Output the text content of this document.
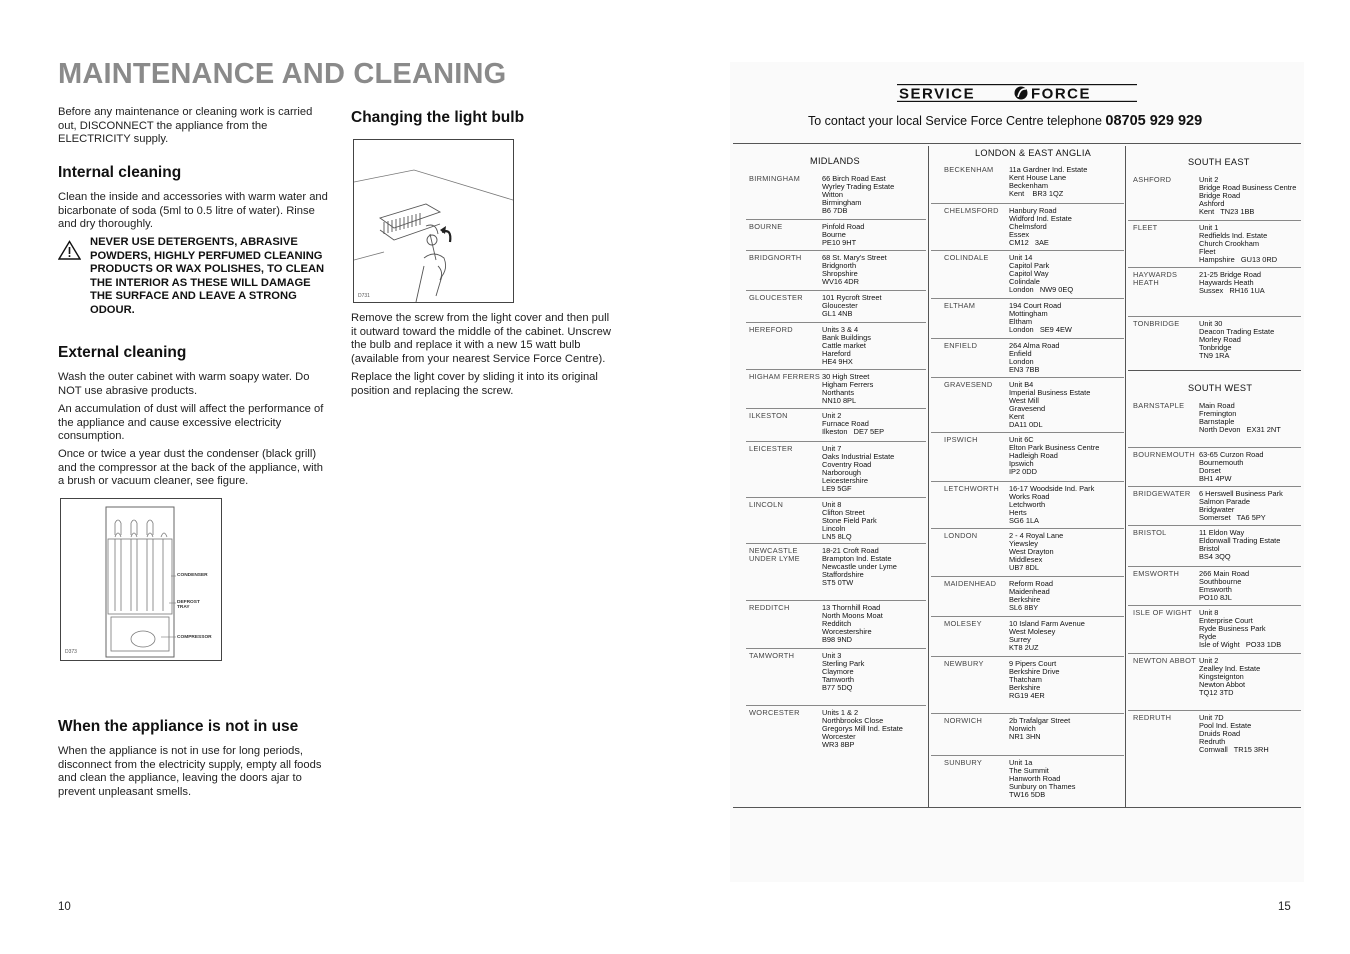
MAINTENANCE AND CLEANING
Before any maintenance or cleaning work is carried out, DISCONNECT the appliance from the ELECTRICITY supply.
Internal cleaning
Clean the inside and accessories with warm water and bicarbonate of soda (5ml to 0.5 litre of water). Rinse and dry thoroughly.
NEVER USE DETERGENTS, ABRASIVE POWDERS, HIGHLY PERFUMED CLEANING PRODUCTS OR WAX POLISHES, TO CLEAN THE INTERIOR AS THESE WILL DAMAGE THE SURFACE AND LEAVE A STRONG ODOUR.
External cleaning
Wash the outer cabinet with warm soapy water. Do NOT use abrasive products.
An accumulation of dust will affect the performance of the appliance and cause excessive electricity consumption.
Once or twice a year dust the condenser (black grill) and the compressor at the back of the appliance, with a brush or vacuum cleaner, see figure.
CONDENSER
DEFROST
TRAY
COMPRESSOR
D373
When the appliance is not in use
When the appliance is not in use for long periods, disconnect from the electricity supply, empty all foods and clean the appliance, leaving the doors ajar to prevent unpleasant smells.
Changing the light bulb
D731
Remove the screw from the light cover and then pull it outward toward the middle of the cabinet. Unscrew the bulb and replace it with a new 15 watt bulb (available from your nearest Service Force Centre).
Replace the light cover by sliding it into its original position and replacing the screw.
10
SERVICE	FORCE
To contact your local Service Force Centre telephone 08705 929 929
BIRMINGHAM	66 Birch Road East
Wyrley Trading Estate
Witton
Birmingham
B6 7DB
BOURNE	Pinfold Road
Bourne
PE10 9HT
BRIDGNORTH	68 St. Mary's Street
Bridgnorth
Shropshire
WV16 4DR
GLOUCESTER	101 Rycroft Street
Gloucester
GL1 4NB
HEREFORD	Units 3 & 4
Bank Buildings
Cattle market
Hareford
HE4 9HX
HIGHAM FERRERS 30 High Street
Higham Ferrers
Northants
NN10 8PL
ILKESTON	Unit 2
Furnace Road
Ilkeston   DE7 5EP
LEICESTER	Unit 7
Oaks Industrial Estate
Coventry Road
Narborough
Leicestershire
LE9 5GF
LINCOLN	Unit 8
Clifton Street
Stone Field Park
Lincoln
LN5 8LQ
NEWCASTLE
UNDER LYME
18-21 Croft Road
Brampton Ind. Estate
Newcastle under Lyme
Staffordshire
ST5 0TW
REDDITCH	13 Thornhill Road
North Moons Moat
Redditch
Worcestershire
B98 9ND
TAMWORTH	Unit 3
Sterling Park
Claymore
Tamworth
B77 5DQ
WORCESTER	Units 1 & 2
Northbrooks Close
Gregorys Mill Ind. Estate
Worcester
WR3 8BP
BECKENHAM 11a Gardner Ind. Estate
Kent House Lane
Beckenham
Kent    BR3 1QZ
CHELMSFORD Hanbury Road
Widford Ind. Estate
Chelmsford
Essex
CM12   3AE
COLINDALE	Unit 14
Capitol Park
Capitol Way
Colindale
London   NW9 0EQ
ELTHAM	194 Court Road
Mottingham
Eltham
London   SE9 4EW
ENFIELD	264 Alma Road
Enfield
London
EN3 7BB
GRAVESEND Unit B4
Imperial Business Estate
West Mill
Gravesend
Kent
DA11 0DL
IPSWICH	Unit 6C
Elton Park Business Centre
Hadleigh Road
Ipswich
IP2 0DD
LETCHWORTH 16-17 Woodside Ind. Park
Works Road
Letchworth
Herts
SG6 1LA
LONDON	2 - 4 Royal Lane
Yiewsley
West Drayton
Middlesex
UB7 8DL
MAIDENHEAD Reform Road
Maidenhead
Berkshire
SL6 8BY
MOLESEY	10 Island Farm Avenue
West Molesey
Surrey
KT8 2UZ
NEWBURY	9 Pipers Court
Berkshire Drive
Thatcham
Berkshire
RG19 4ER
NORWICH	2b Trafalgar Street
Norwich
NR1 3HN
SUNBURY	Unit 1a
The Summit
Hanworth Road
Sunbury on Thames
TW16 5DB
ASHFORD	Unit 2
Bridge Road Business Centre
Bridge Road
Ashford
Kent   TN23 1BB
FLEET	Unit 1
Redfields Ind. Estate
Church Crookham
Fleet
Hampshire   GU13 0RD
HAYWARDS
HEATH
21-25 Bridge Road
Haywards Heath
Sussex   RH16 1UA
TONBRIDGE	Unit 30
Deacon Trading Estate
Morley Road
Tonbridge
TN9 1RA
BARNSTAPLE Main Road
Fremington
Barnstaple
North Devon   EX31 2NT
BOURNEMOUTH 63-65 Curzon Road
Bournemouth
Dorset
BH1 4PW
BRIDGEWATER 6 Herswell Business Park
Salmon Parade
Bridgwater
Somerset   TA6 5PY
BRISTOL	11 Eldon Way
Eldonwall Trading Estate
Bristol
BS4 3QQ
EMSWORTH	266 Main Road
Southbourne
Emsworth
PO10 8JL
ISLE OF WIGHT Unit 8
Enterprise Court
Ryde Business Park
Ryde
Isle of Wight   PO33 1DB
NEWTON ABBOT Unit 2
Zealley Ind. Estate
Kingsteignton
Newton Abbot
TQ12 3TD
REDRUTH	Unit 7D
Pool Ind. Estate
Druids Road
Redruth
Cornwall   TR15 3RH
MIDLANDS
LONDON & EAST ANGLIA
SOUTH EAST
SOUTH WEST
15
